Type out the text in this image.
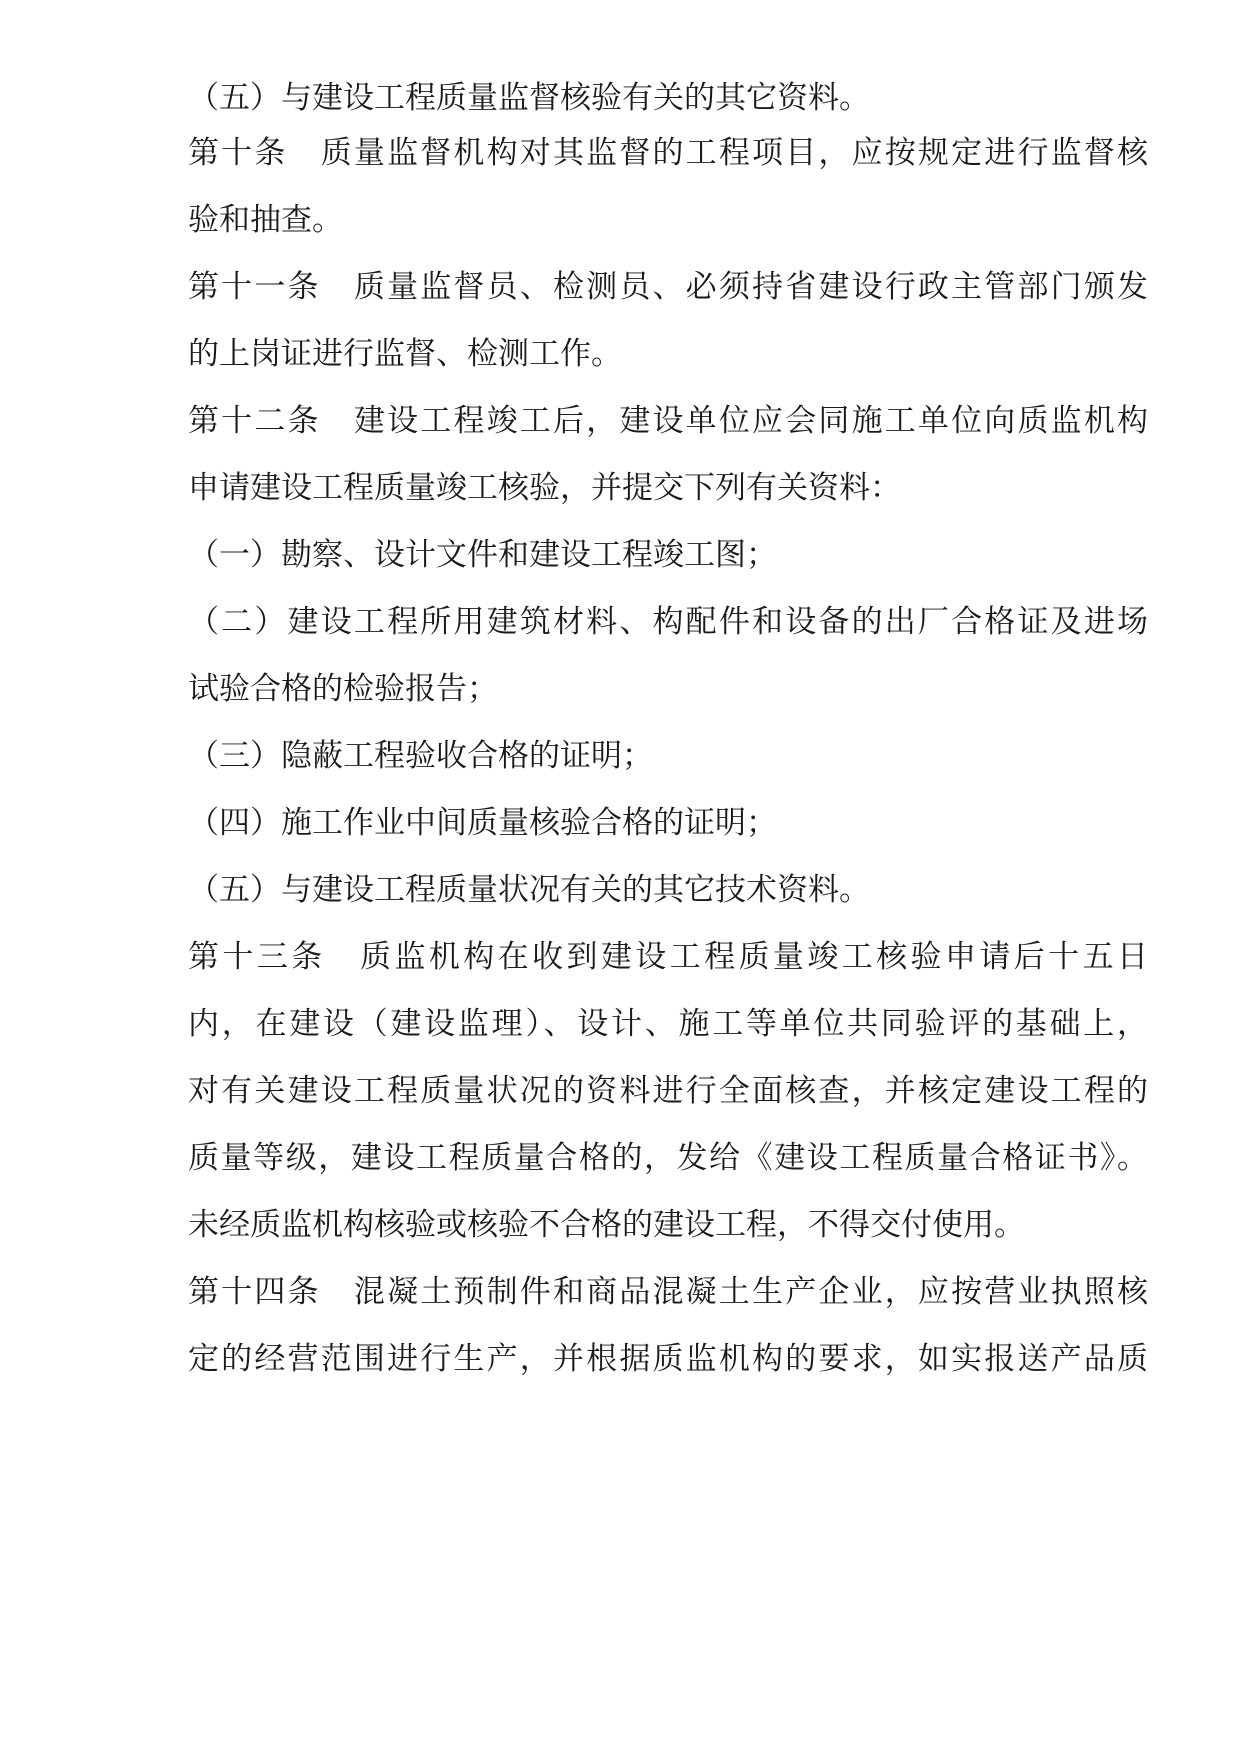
（五）与建设工程质量监督核验有关的其它资料。
第十条　质量监督机构对其监督的工程项目，应按规定进行监督核
验和抽查。
第十一条　质量监督员、检测员、必须持省建设行政主管部门颁发
的上岗证进行监督、检测工作。
第十二条　建设工程竣工后，建设单位应会同施工单位向质监机构
申请建设工程质量竣工核验，并提交下列有关资料：
（一）勘察、设计文件和建设工程竣工图；
（二）建设工程所用建筑材料、构配件和设备的出厂合格证及进场
试验合格的检验报告；
（三）隐蔽工程验收合格的证明；
（四）施工作业中间质量核验合格的证明；
（五）与建设工程质量状况有关的其它技术资料。
第十三条　质监机构在收到建设工程质量竣工核验申请后十五日
内，在建设（建设监理）、设计、施工等单位共同验评的基础上，
对有关建设工程质量状况的资料进行全面核查，并核定建设工程的
质量等级，建设工程质量合格的，发给《建设工程质量合格证书》。
未经质监机构核验或核验不合格的建设工程，不得交付使用。
第十四条　混凝土预制件和商品混凝土生产企业，应按营业执照核
定的经营范围进行生产，并根据质监机构的要求，如实报送产品质
